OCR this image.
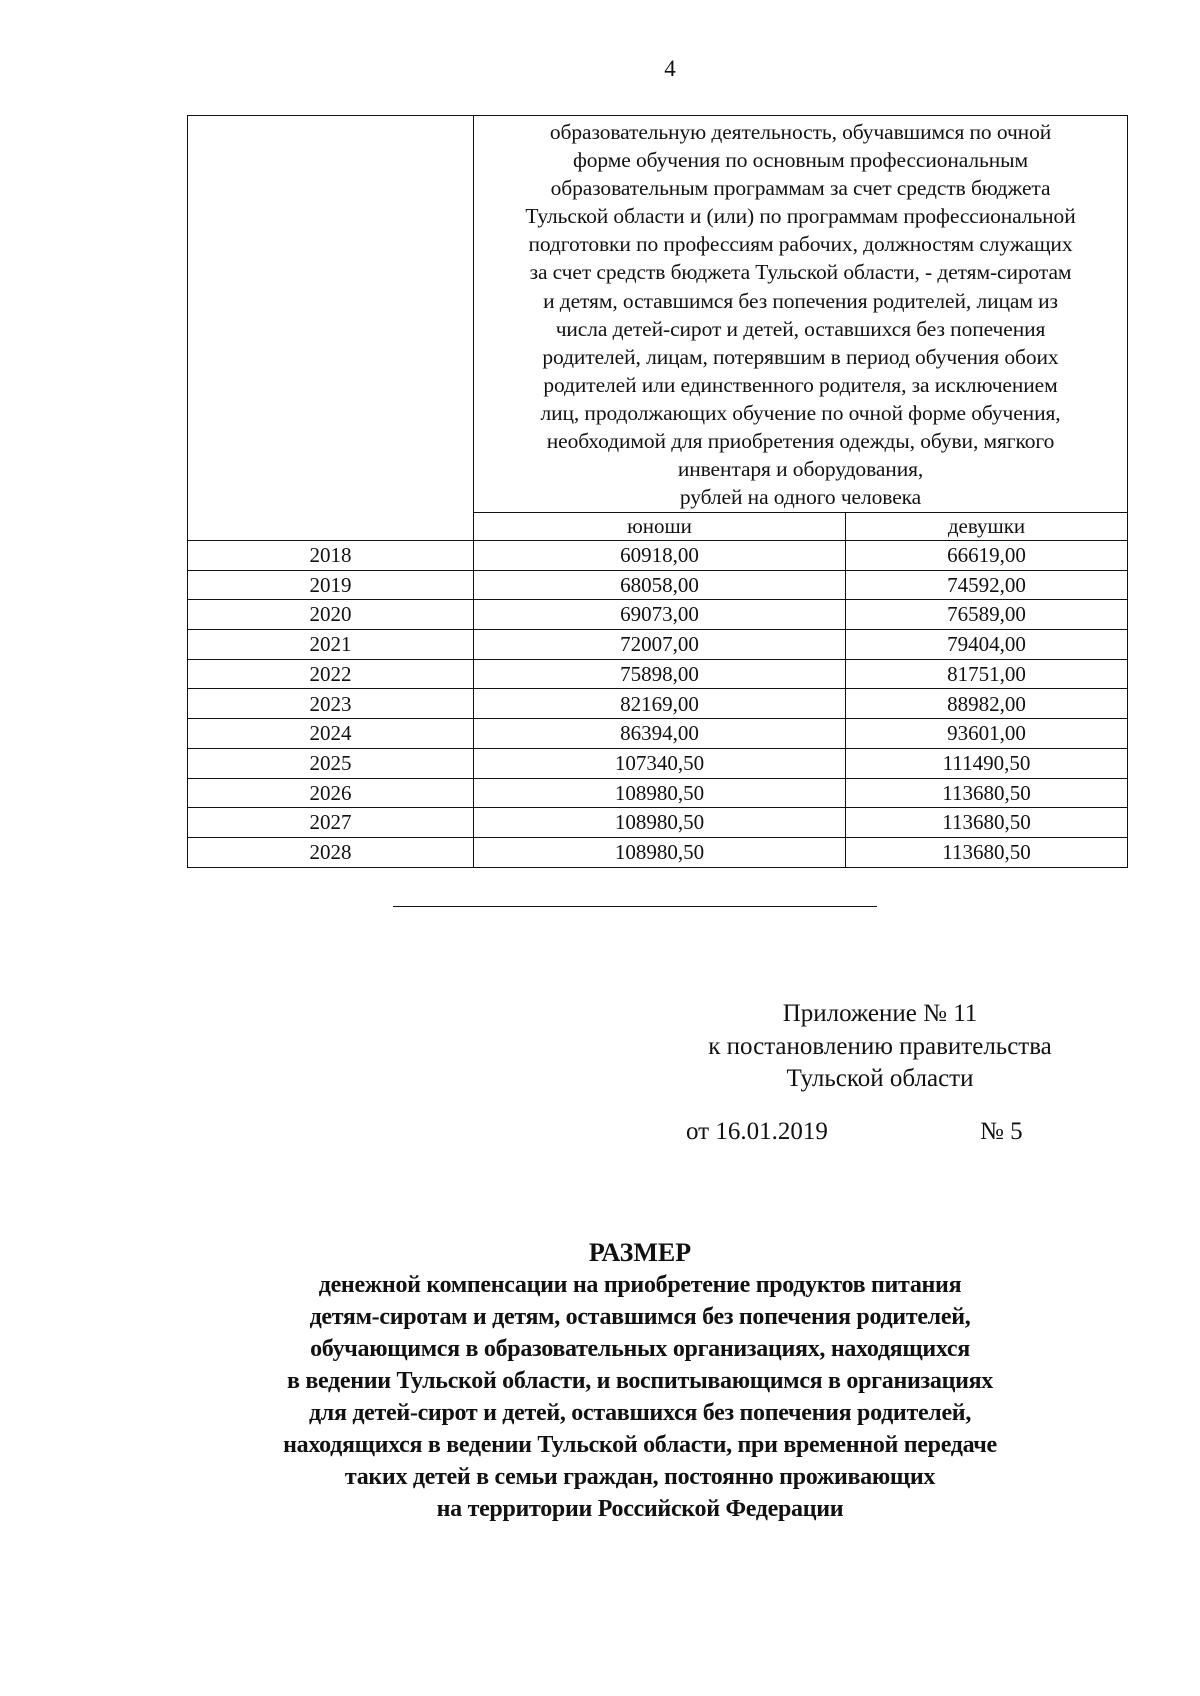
4

образовательную деятельность, обучавшимся по очной
форме обучения по основным профессиональным
образовательным программам за счет средств бюджета
Тульской области и (или) по программам профессиональной
подготовки по профессиям рабочих, должностям служащих
за счет средств бюджета Тульской области, - детям-сиротам
и детям, оставшимся без попечения родителей, лицам из
числа детей-сирот и детей, оставшихся без попечения
родителей, лицам, потерявшим в период обучения обоих
родителей или единственного родителя, за исключением
лиц, продолжающих обучение по очной форме обучения,
необходимой для приобретения одежды, обуви, мягкого
инвентаря и оборудования,
рублей на одного человека

	юноши	девушки
2018	60918,00	66619,00
2019	68058,00	74592,00
2020	69073,00	76589,00
2021	72007,00	79404,00
2022	75898,00	81751,00
2023	82169,00	88982,00
2024	86394,00	93601,00
2025	107340,50	111490,50
2026	108980,50	113680,50
2027	108980,50	113680,50
2028	108980,50	113680,50
Приложение № 11
к постановлению правительства
Тульской области
от 16.01.2019	№ 5
РАЗМЕР
денежной компенсации на приобретение продуктов питания
детям-сиротам и детям, оставшимся без попечения родителей,
обучающимся в образовательных организациях, находящихся
в ведении Тульской области, и воспитывающимся в организациях
для детей-сирот и детей, оставшихся без попечения родителей,
находящихся в ведении Тульской области, при временной передаче
таких детей в семьи граждан, постоянно проживающих
на территории Российской Федерации
